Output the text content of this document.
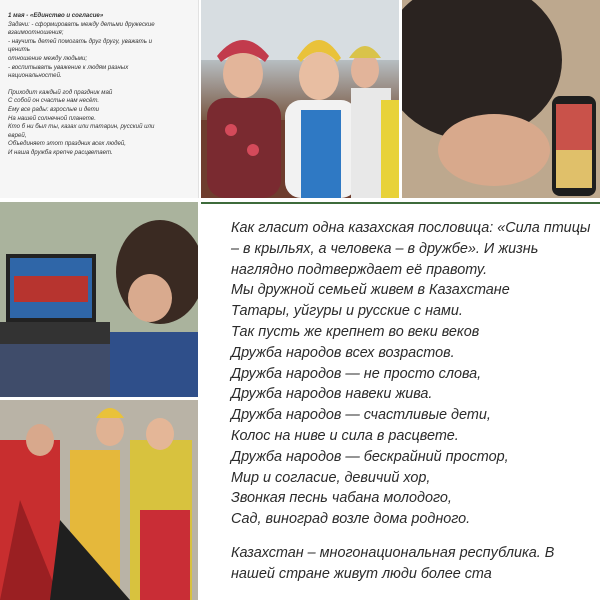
1 мая - «Единство и согласие»
Задачи: - сформировать между детьми дружеские
взаимоотношения;
- научить детей помогать друг другу, уважать и
ценить
отношение между людьми;
- воспитывать уважение к людям разных
национальностей.
Приходит каждый год праздник май
С собой он счастье нам несёт.
Ему все рады: взрослые и дети
На нашей солнечной планете.
Кто б ни был ты, казах или татарин, русский или
еврей,
Объединяет этот праздник всех людей,
И наша дружба крепче расцветает.
Как гласит одна казахская пословица: «Сила птицы
– в крыльях, а человека – в дружбе». И жизнь
наглядно подтверждает её правоту.
Мы дружной семьей живем в Казахстане
Татары, уйгуры и русские с нами.
Так пусть же крепнет во веки веков
Дружба народов всех возрастов.
Дружба народов — не просто слова,
Дружба народов навеки жива.
Дружба народов — счастливые дети,
Колос на ниве и сила в расцвете.
Дружба народов — бескрайний простор,
Мир и согласие, девичий хор,
Звонкая песнь чабана молодого,
Сад, виноград возле дома родного.
Казахстан – многонациональная республика. В
нашей стране живут люди более ста
